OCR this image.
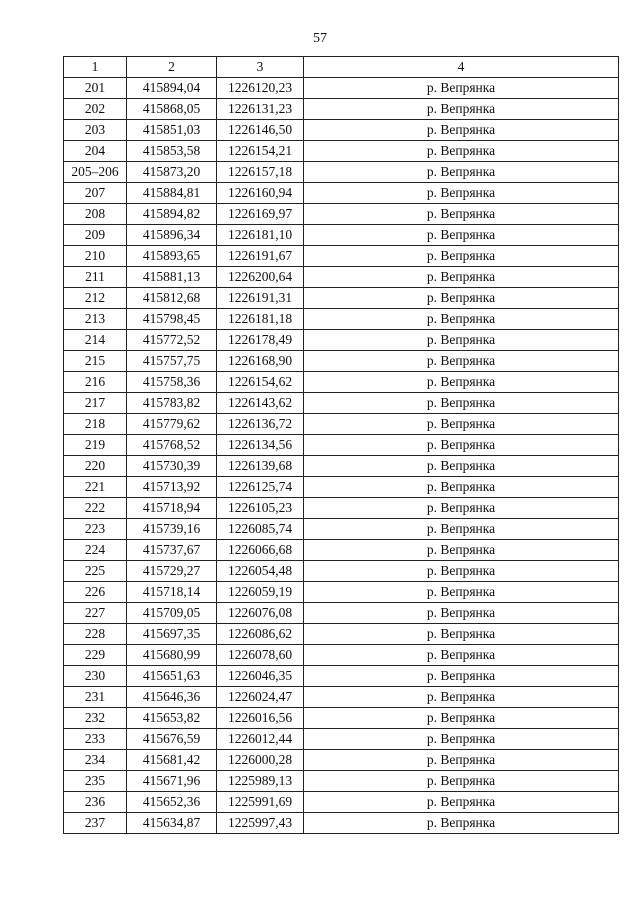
57
1	2	3	4
201	415894,04	1226120,23	р. Вепрянка
202	415868,05	1226131,23	р. Вепрянка
203	415851,03	1226146,50	р. Вепрянка
204	415853,58	1226154,21	р. Вепрянка
205–206	415873,20	1226157,18	р. Вепрянка
207	415884,81	1226160,94	р. Вепрянка
208	415894,82	1226169,97	р. Вепрянка
209	415896,34	1226181,10	р. Вепрянка
210	415893,65	1226191,67	р. Вепрянка
211	415881,13	1226200,64	р. Вепрянка
212	415812,68	1226191,31	р. Вепрянка
213	415798,45	1226181,18	р. Вепрянка
214	415772,52	1226178,49	р. Вепрянка
215	415757,75	1226168,90	р. Вепрянка
216	415758,36	1226154,62	р. Вепрянка
217	415783,82	1226143,62	р. Вепрянка
218	415779,62	1226136,72	р. Вепрянка
219	415768,52	1226134,56	р. Вепрянка
220	415730,39	1226139,68	р. Вепрянка
221	415713,92	1226125,74	р. Вепрянка
222	415718,94	1226105,23	р. Вепрянка
223	415739,16	1226085,74	р. Вепрянка
224	415737,67	1226066,68	р. Вепрянка
225	415729,27	1226054,48	р. Вепрянка
226	415718,14	1226059,19	р. Вепрянка
227	415709,05	1226076,08	р. Вепрянка
228	415697,35	1226086,62	р. Вепрянка
229	415680,99	1226078,60	р. Вепрянка
230	415651,63	1226046,35	р. Вепрянка
231	415646,36	1226024,47	р. Вепрянка
232	415653,82	1226016,56	р. Вепрянка
233	415676,59	1226012,44	р. Вепрянка
234	415681,42	1226000,28	р. Вепрянка
235	415671,96	1225989,13	р. Вепрянка
236	415652,36	1225991,69	р. Вепрянка
237	415634,87	1225997,43	р. Вепрянка
